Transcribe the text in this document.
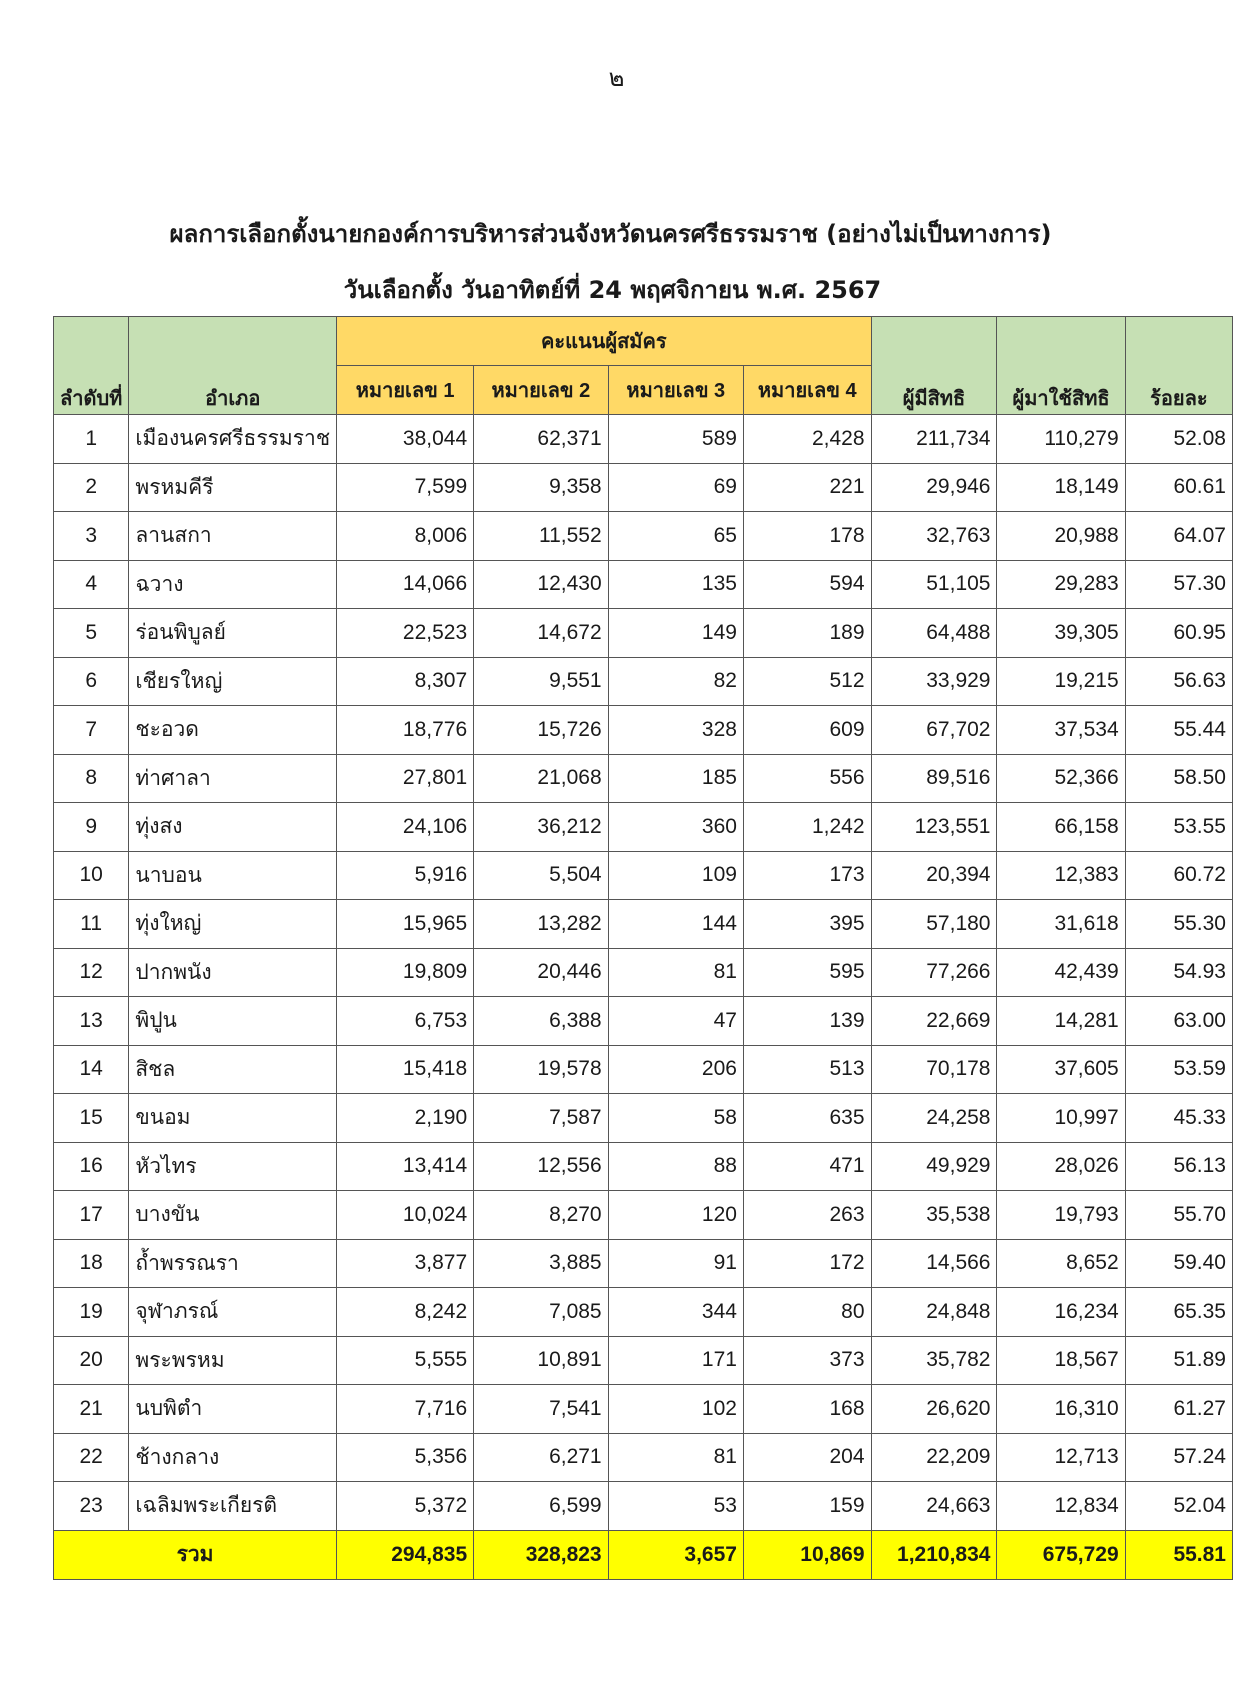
๒
ผลการเลือกตั้งนายกองค์การบริหารส่วนจังหวัดนครศรีธรรมราช (อย่างไม่เป็นทางการ)
วันเลือกตั้ง วันอาทิตย์ที่ 24 พฤศจิกายน พ.ศ. 2567
ลำดับที่	อำเภอ	คะแนนผู้สมัคร				ผู้มีสิทธิ	ผู้มาใช้สิทธิ	ร้อยละ
		หมายเลข 1	หมายเลข 2	หมายเลข 3	หมายเลข 4			
1	เมืองนครศรีธรรมราช	38,044	62,371	589	2,428	211,734	110,279	52.08
2	พรหมคีรี	7,599	9,358	69	221	29,946	18,149	60.61
3	ลานสกา	8,006	11,552	65	178	32,763	20,988	64.07
4	ฉวาง	14,066	12,430	135	594	51,105	29,283	57.30
5	ร่อนพิบูลย์	22,523	14,672	149	189	64,488	39,305	60.95
6	เชียรใหญ่	8,307	9,551	82	512	33,929	19,215	56.63
7	ชะอวด	18,776	15,726	328	609	67,702	37,534	55.44
8	ท่าศาลา	27,801	21,068	185	556	89,516	52,366	58.50
9	ทุ่งสง	24,106	36,212	360	1,242	123,551	66,158	53.55
10	นาบอน	5,916	5,504	109	173	20,394	12,383	60.72
11	ทุ่งใหญ่	15,965	13,282	144	395	57,180	31,618	55.30
12	ปากพนัง	19,809	20,446	81	595	77,266	42,439	54.93
13	พิปูน	6,753	6,388	47	139	22,669	14,281	63.00
14	สิชล	15,418	19,578	206	513	70,178	37,605	53.59
15	ขนอม	2,190	7,587	58	635	24,258	10,997	45.33
16	หัวไทร	13,414	12,556	88	471	49,929	28,026	56.13
17	บางขัน	10,024	8,270	120	263	35,538	19,793	55.70
18	ถ้ำพรรณรา	3,877	3,885	91	172	14,566	8,652	59.40
19	จุฬาภรณ์	8,242	7,085	344	80	24,848	16,234	65.35
20	พระพรหม	5,555	10,891	171	373	35,782	18,567	51.89
21	นบพิตำ	7,716	7,541	102	168	26,620	16,310	61.27
22	ช้างกลาง	5,356	6,271	81	204	22,209	12,713	57.24
23	เฉลิมพระเกียรติ	5,372	6,599	53	159	24,663	12,834	52.04
รวม		294,835	328,823	3,657	10,869	1,210,834	675,729	55.81
